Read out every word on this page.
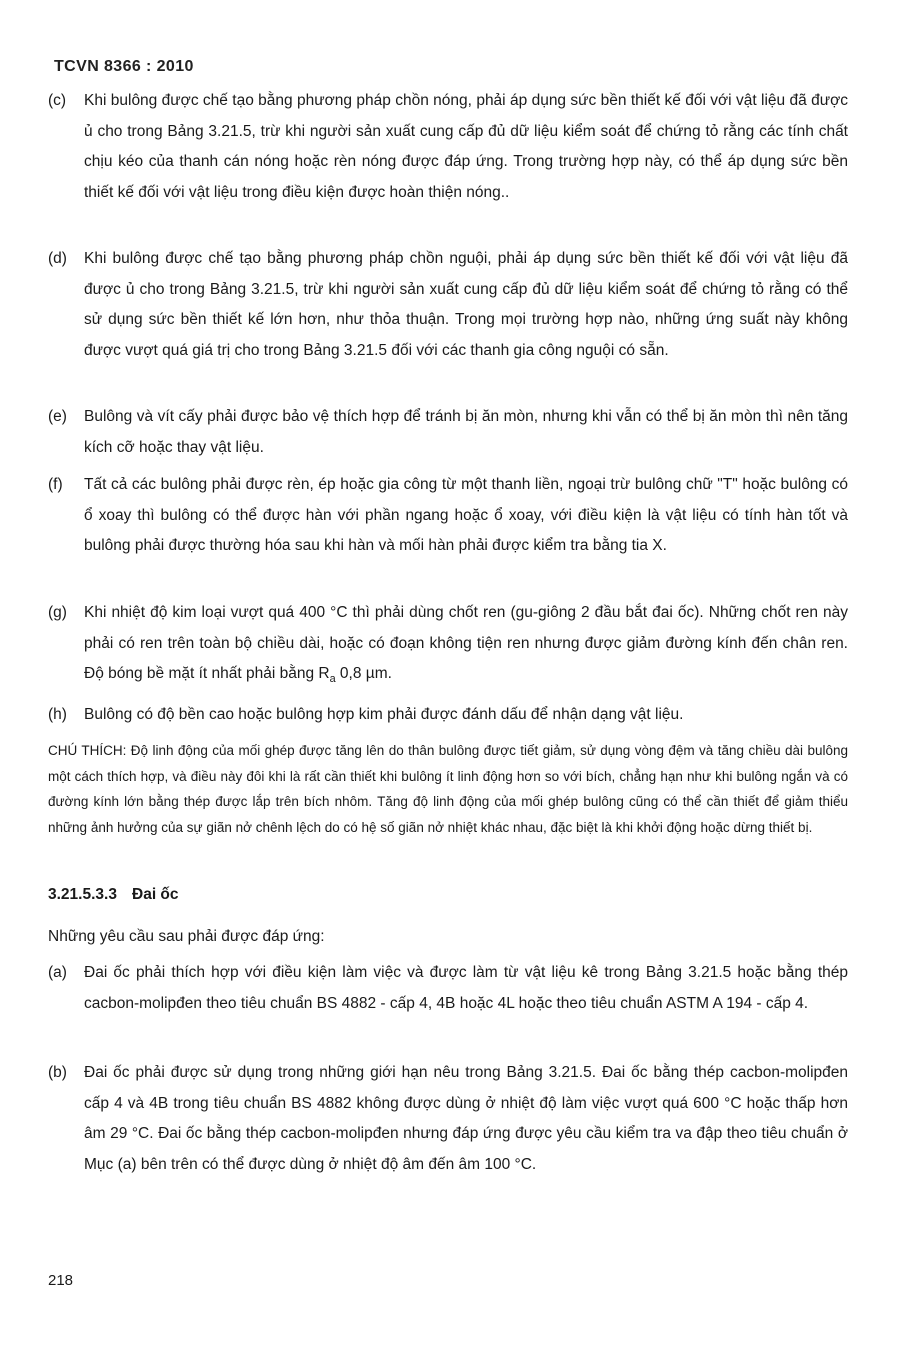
TCVN 8366 : 2010
(c)	Khi bulông được chế tạo bằng phương pháp chồn nóng, phải áp dụng sức bền thiết kế đối với vật liệu đã được ủ cho trong Bảng 3.21.5, trừ khi người sản xuất cung cấp đủ dữ liệu kiểm soát để chứng tỏ rằng các tính chất chịu kéo của thanh cán nóng hoặc rèn nóng được đáp ứng. Trong trường hợp này, có thể áp dụng sức bền thiết kế đối với vật liệu trong điều kiện được hoàn thiện nóng..
(d)	Khi bulông được chế tạo bằng phương pháp chồn nguội, phải áp dụng sức bền thiết kế đối với vật liệu đã được ủ cho trong Bảng 3.21.5, trừ khi người sản xuất cung cấp đủ dữ liệu kiểm soát để chứng tỏ rằng có thể sử dụng sức bền thiết kế lớn hơn, như thỏa thuận. Trong mọi trường hợp nào, những ứng suất này không được vượt quá giá trị cho trong Bảng 3.21.5 đối với các thanh gia công nguội có sẵn.
(e)	Bulông và vít cấy phải được bảo vệ thích hợp để tránh bị ăn mòn, nhưng khi vẫn có thể bị ăn mòn thì nên tăng kích cỡ hoặc thay vật liệu.
(f)	Tất cả các bulông phải được rèn, ép hoặc gia công từ một thanh liền, ngoại trừ bulông chữ "T" hoặc bulông có ổ xoay thì bulông có thể được hàn với phần ngang hoặc ổ xoay, với điều kiện là vật liệu có tính hàn tốt và bulông phải được thường hóa sau khi hàn và mối hàn phải được kiểm tra bằng tia X.
(g)	Khi nhiệt độ kim loại vượt quá 400 °C thì phải dùng chốt ren (gu-giông 2 đầu bắt đai ốc). Những chốt ren này phải có ren trên toàn bộ chiều dài, hoặc có đoạn không tiện ren nhưng được giảm đường kính đến chân ren. Độ bóng bề mặt ít nhất phải bằng $R_a$ 0,8 µm.
(h)	Bulông có độ bền cao hoặc bulông hợp kim phải được đánh dấu để nhận dạng vật liệu.
CHÚ THÍCH: Độ linh động của mối ghép được tăng lên do thân bulông được tiết giảm, sử dụng vòng đệm và tăng chiều dài bulông một cách thích hợp, và điều này đôi khi là rất cần thiết khi bulông ít linh động hơn so với bích, chẳng hạn như khi bulông ngắn và có đường kính lớn bằng thép được lắp trên bích nhôm. Tăng độ linh động của mối ghép bulông cũng có thể cần thiết để giảm thiểu những ảnh hưởng của sự giãn nở chênh lệch do có hệ số giãn nở nhiệt khác nhau, đặc biệt là khi khởi động hoặc dừng thiết bị.
3.21.5.3.3 Đai ốc
Những yêu cầu sau phải được đáp ứng:
(a)	Đai ốc phải thích hợp với điều kiện làm việc và được làm từ vật liệu kê trong Bảng 3.21.5 hoặc bằng thép cacbon-molipđen theo tiêu chuẩn BS 4882 - cấp 4, 4B hoặc 4L hoặc theo tiêu chuẩn ASTM A 194 - cấp 4.
(b)	Đai ốc phải được sử dụng trong những giới hạn nêu trong Bảng 3.21.5. Đai ốc bằng thép cacbon-molipđen cấp 4 và 4B trong tiêu chuẩn BS 4882 không được dùng ở nhiệt độ làm việc vượt quá 600 °C hoặc thấp hơn âm 29 °C. Đai ốc bằng thép cacbon-molipđen nhưng đáp ứng được yêu cầu kiểm tra va đập theo tiêu chuẩn ở Mục (a) bên trên có thể được dùng ở nhiệt độ âm đến âm 100 °C.
218
